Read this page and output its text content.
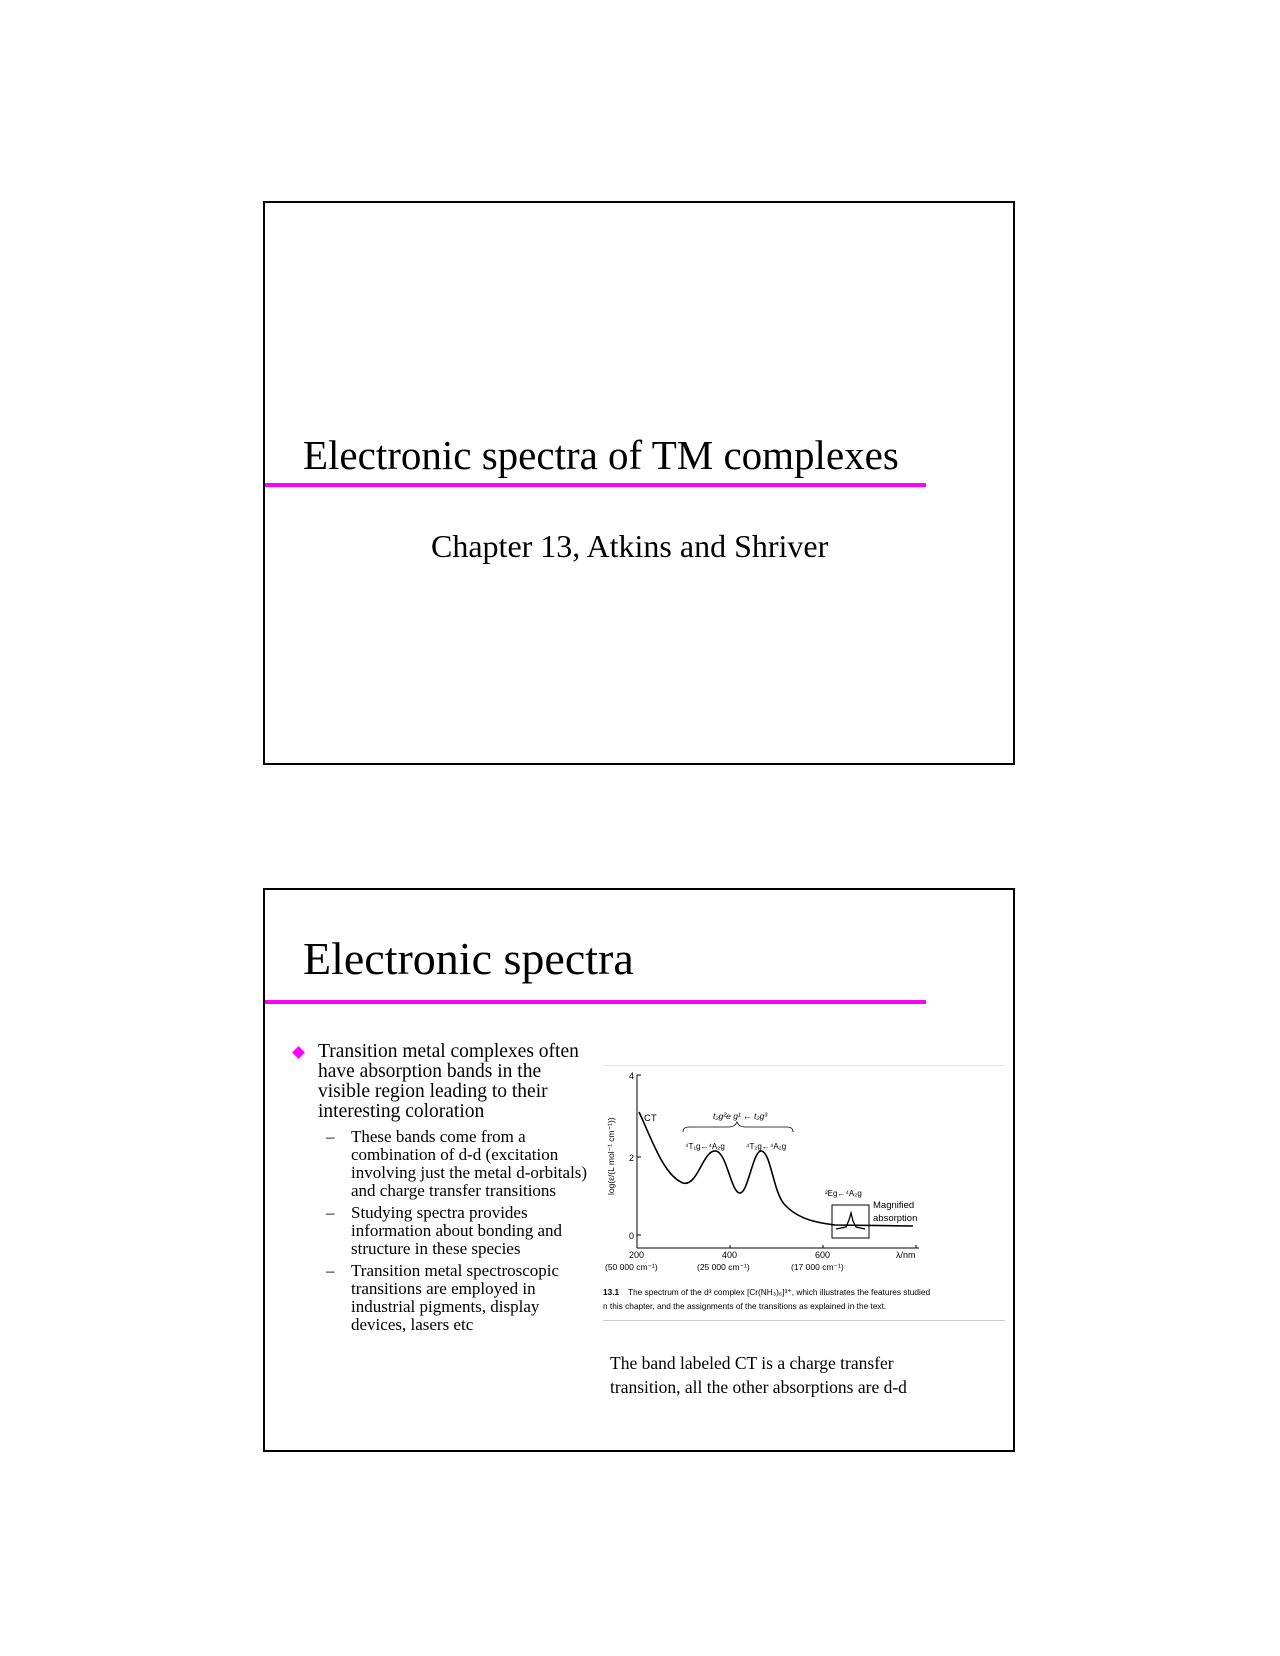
Electronic spectra of TM complexes
Chapter 13, Atkins and Shriver
Electronic spectra
Transition metal complexes often have absorption bands in the visible region leading to their interesting coloration
– These bands come from a combination of d-d (excitation involving just the metal d-orbitals) and charge transfer transitions
– Studying spectra provides information about bonding and structure in these species
– Transition metal spectroscopic transitions are employed in industrial pigments, display devices, lasers etc
4
2
0
log(ε/(L mol⁻¹ cm⁻¹))
200	400	600	λ/nm
(50 000 cm⁻¹)	(25 000 cm⁻¹)	(17 000 cm⁻¹)
CT	t₂g²e g¹ ← t₂g³
⁴T₁g←⁴A₂g	⁴T₂g←⁴A₂g
²Eg←⁴A₂g
Magnified
absorption
13.1 The spectrum of the d³ complex [Cr(NH₃)₆]³⁺, which illustrates the features studied
n this chapter, and the assignments of the transitions as explained in the text.
The band labeled CT is a charge transfer
transition, all the other absorptions are d-d
